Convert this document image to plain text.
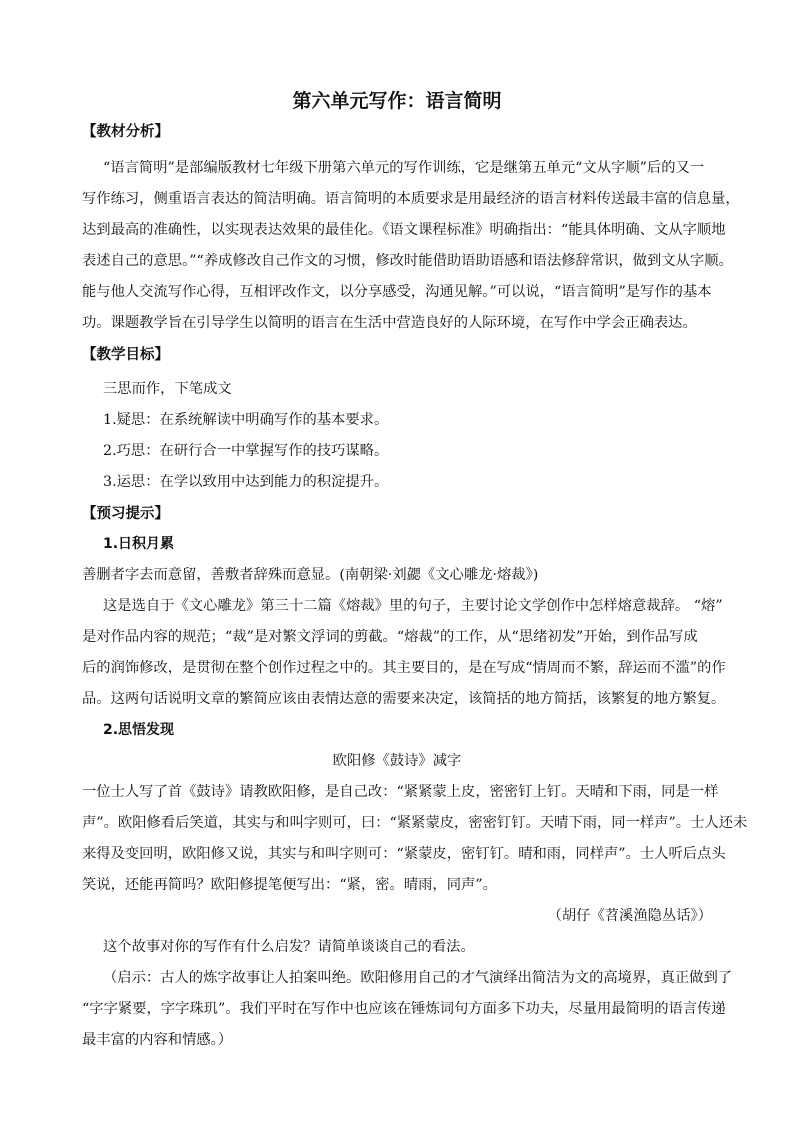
第六单元写作：语言简明
【教材分析】

“语言简明”是部编版教材七年级下册第六单元的写作训练，它是继第五单元“文从字顺”后的又一

写作练习，侧重语言表达的简洁明确。语言简明的本质要求是用最经济的语言材料传送最丰富的信息量，

达到最高的准确性，以实现表达效果的最佳化。《语文课程标准》明确指出：“能具体明确、文从字顺地

表述自己的意思。”“养成修改自己作文的习惯，修改时能借助语助语感和语法修辞常识，做到文从字顺。

能与他人交流写作心得，互相评改作文，以分享感受，沟通见解。”可以说，“语言简明”是写作的基本

功。课题教学旨在引导学生以简明的语言在生活中营造良好的人际环境，在写作中学会正确表达。

【教学目标】

三思而作，下笔成文

1.疑思：在系统解读中明确写作的基本要求。

2.巧思：在研行合一中掌握写作的技巧谋略。

3.运思：在学以致用中达到能力的积淀提升。

【预习提示】
1.日积月累

善删者字去而意留，善敷者辞殊而意显。(南朝梁·刘勰《文心雕龙·熔裁》)

这是选自于《文心雕龙》第三十二篇《熔裁》里的句子，主要讨论文学创作中怎样熔意裁辞。 “熔”

是对作品内容的规范；“裁”是对繁文浮词的剪截。“熔裁”的工作，从“思绪初发”开始，到作品写成

后的润饰修改，是贯彻在整个创作过程之中的。其主要目的，是在写成“情周而不繁，辞运而不滥”的作

品。这两句话说明文章的繁简应该由表情达意的需要来决定，该简括的地方简括，该繁复的地方繁复。

2.思悟发现

欧阳修《鼓诗》减字

一位士人写了首《鼓诗》请教欧阳修，是自己改：“紧紧蒙上皮，密密钉上钉。天晴和下雨，同是一样

声”。欧阳修看后笑道，其实与和叫字则可，曰：“紧紧蒙皮，密密钉钉。天晴下雨，同一样声”。士人还未

来得及变回明，欧阳修又说，其实与和叫字则可：“紧蒙皮，密钉钉。晴和雨，同样声”。士人听后点头

笑说，还能再简吗？欧阳修提笔便写出：“紧，密。晴雨，同声”。

（胡仔《苕溪渔隐丛话》）

这个故事对你的写作有什么启发？请简单谈谈自己的看法。

（启示：古人的炼字故事让人拍案叫绝。欧阳修用自己的才气演绎出简洁为文的高境界，真正做到了

“字字紧要，字字珠玑”。我们平时在写作中也应该在锤炼词句方面多下功夫，尽量用最简明的语言传递

最丰富的内容和情感。）
